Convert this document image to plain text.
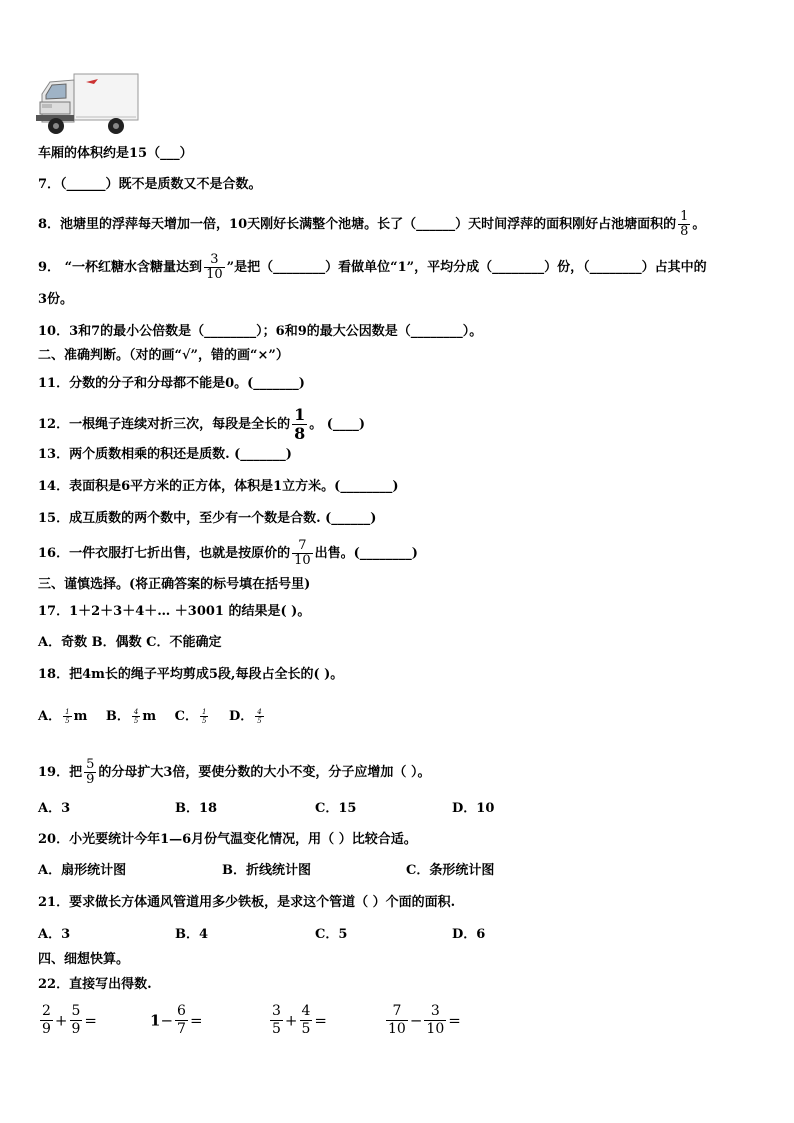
车厢的体积约是15（___）
7．（______）既不是质数又不是合数。
8．池塘里的浮萍每天增加一倍，10天刚好长满整个池塘。长了（______）天时间浮萍的面积刚好占池塘面积的 $\frac{1}{8}$ 。
9． “一杯红糖水含糖量达到 $\frac{3}{10}$ ”是把（________）看做单位“1”，平均分成（________）份，（________）占其中的
3份。
10．3和7的最小公倍数是（________）；6和9的最大公因数是（________）。
二、准确判断。（对的画“√”，错的画“×”）
11．分数的分子和分母都不能是0。(_______)
12．一根绳子连续对折三次，每段是全长的 $\frac{1}{8}$ 。 (____)
13．两个质数相乘的积还是质数. (_______)
14．表面积是6平方米的正方体，体积是1立方米。(________)
15．成互质数的两个数中，至少有一个数是合数. (______)
16．一件衣服打七折出售，也就是按原价的 $\frac{7}{10}$ 出售。(________)
三、谨慎选择。(将正确答案的标号填在括号里)
17．1＋2＋3＋4＋… ＋3001 的结果是( )。
A．奇数 B．偶数 C．不能确定
18．把4m长的绳子平均剪成5段,每段占全长的( )。
A． $\frac{1}{5}$ m B． $\frac{4}{5}$ m C． $\frac{1}{5}$ D． $\frac{4}{5}$
19．把 $\frac{5}{9}$ 的分母扩大3倍，要使分数的大小不变，分子应增加（ ）。
A．3	B．18	C．15	D．10
20．小光要统计今年1—6月份气温变化情况，用（ ）比较合适。
A．扇形统计图	B．折线统计图	C．条形统计图
21．要求做长方体通风管道用多少铁板，是求这个管道（ ）个面的面积.
A．3	B．4	C．5	D．6
四、细想快算。
22．直接写出得数.
$\frac{2}{9} + \frac{5}{9}$ =	$1- \frac{6}{7}$ =	$\frac{3}{5} + \frac{4}{5}$ =	$\frac{7}{10} - \frac{3}{10}$ =
